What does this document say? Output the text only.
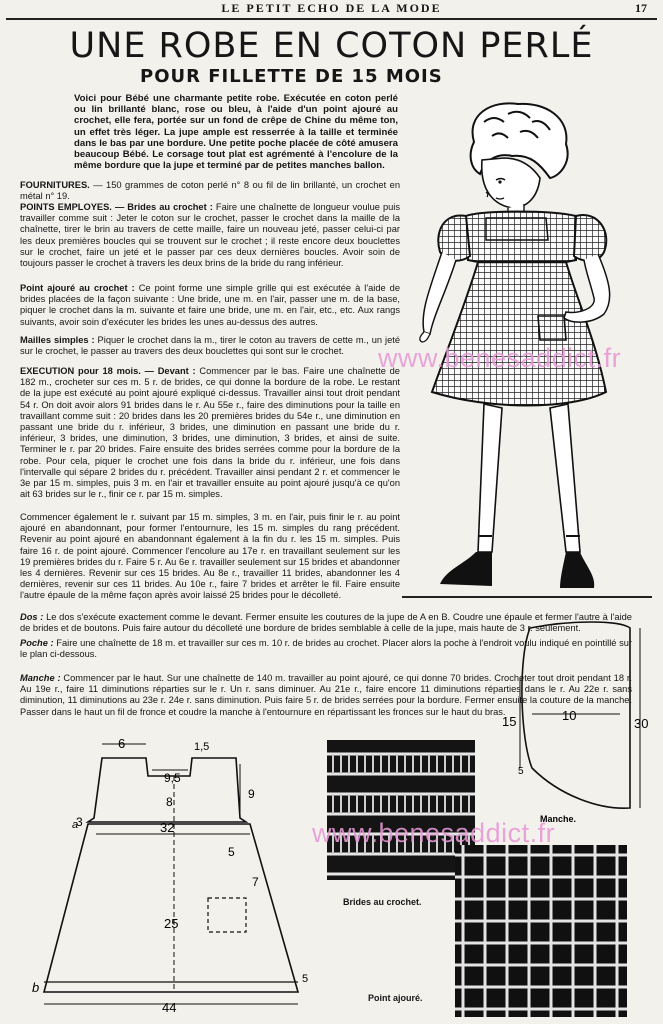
LE PETIT ECHO DE LA MODE	17
UNE ROBE EN COTON PERLÉ
POUR FILLETTE DE 15 MOIS
Voici pour Bébé une charmante petite robe. Exécutée en coton perlé ou lin brillanté blanc, rose ou bleu, à l'aide d'un point ajouré au crochet, elle fera, portée sur un fond de crêpe de Chine du même ton, un effet très léger. La jupe ample est resserrée à la taille et terminée dans le bas par une bordure. Une petite poche placée de côté amusera beaucoup Bébé. Le corsage tout plat est agrémenté à l'encolure de la même bordure que la jupe et terminé par de petites manches ballon.
FOURNITURES. — 150 grammes de coton perlé n° 8 ou fil de lin brillanté, un crochet en métal n° 19.
POINTS EMPLOYES. — Brides au crochet : Faire une chaînette de longueur voulue puis travailler comme suit : Jeter le coton sur le crochet, passer le crochet dans la maille de la chaînette, tirer le brin au travers de cette maille, faire un nouveau jeté, passer celui-ci par les deux premières boucles qui se trouvent sur le crochet ; il reste encore deux bouclettes sur le crochet, faire un jeté et le passer par ces deux dernières boucles. Avoir soin de toujours passer le crochet à travers les deux brins de la bride du rang inférieur.
Point ajouré au crochet : Ce point forme une simple grille qui est exécutée à l'aide de brides placées de la façon suivante : Une bride, une m. en l'air, passer une m. de la base, piquer le crochet dans la m. suivante et faire une bride, une m. en l'air, etc., etc. Aux rangs suivants, avoir soin d'exécuter les brides les unes au-dessus des autres.
Mailles simples : Piquer le crochet dans la m., tirer le coton au travers de cette m., un jeté sur le crochet, le passer au travers des deux bouclettes qui sont sur le crochet.
EXECUTION pour 18 mois. — Devant : Commencer par le bas. Faire une chaînette de 182 m., crocheter sur ces m. 5 r. de brides, ce qui donne la bordure de la robe. Le restant de la jupe est exécuté au point ajouré expliqué ci-dessus. Travailler ainsi tout droit pendant 54 r. On doit avoir alors 91 brides dans le r. Au 55e r., faire des diminutions pour la taille en travaillant comme suit : 20 brides dans les 20 premières brides du 54e r., une diminution en passant une bride du r. inférieur, 3 brides, une diminution en passant une bride du r. inférieur, 3 brides, une diminution, 3 brides, une diminution, 3 brides, et ainsi de suite. Terminer le r. par 20 brides. Faire ensuite des brides serrées comme pour la bordure de la robe. Pour cela, piquer le crochet une fois dans la bride du r. inférieur, une fois dans l'intervalle qui sépare 2 brides du r. précédent. Travailler ainsi pendant 2 r. et commencer le 3e par 15 m. simples, puis 3 m. en l'air et travailler ensuite au point ajouré jusqu'à ce qu'on ait 63 brides sur le r., finir ce r. par 15 m. simples.
Commencer également le r. suivant par 15 m. simples, 3 m. en l'air, puis finir le r. au point ajouré en abandonnant, pour former l'entournure, les 15 m. simples du rang précédent. Revenir au point ajouré en abandonnant également à la fin du r. les 15 m. simples. Puis faire 16 r. de point ajouré. Commencer l'encolure au 17e r. en travaillant seulement sur les 19 premières brides du r. Faire 5 r. Au 6e r. travailler seulement sur 15 brides et abandonner les 4 dernières. Revenir sur ces 15 brides. Au 8e r., travailler 11 brides, abandonner les 4 dernières, revenir sur ces 11 brides. Au 10e r., faire 7 brides et arrêter le fil. Faire ensuite l'autre épaule de la même façon après avoir laissé 25 brides pour le décolleté.
Dos : Le dos s'exécute exactement comme le devant. Fermer ensuite les coutures de la jupe de A en B. Coudre une épaule et fermer l'autre à l'aide de brides et de boutons. Puis faire autour du décolleté une bordure de brides semblable à celle de la jupe, mais haute de 3 r. seulement.
Poche : Faire une chaînette de 18 m. et travailler sur ces m. 10 r. de brides au crochet. Placer alors la poche à l'endroit voulu indiqué en pointillé sur le plan ci-dessous.
Manche : Commencer par le haut. Sur une chaînette de 140 m. travailler au point ajouré, ce qui donne 70 brides. Crocheter tout droit pendant 18 r. Au 19e r., faire 11 diminutions réparties sur le r. Un r. sans diminuer. Au 21e r., faire encore 11 diminutions réparties dans le r. Au 22e r. sans diminution, 11 diminutions au 23e r. 24e r. sans diminution. Puis faire 5 r. de brides serrées pour la bordure. Fermer ensuite la couture de la manche. Passer dans le haut un fil de fronce et coudre la manche à l'entournure en répartissant les fronces sur le haut du bras.
6	1,5
9,5
8
9
3	32
7
5
25
5
44
a
b
10
30
15
5
Manche.
Brides au crochet.
Point ajouré.
www.benesaddict.fr
www.benesaddict.fr
